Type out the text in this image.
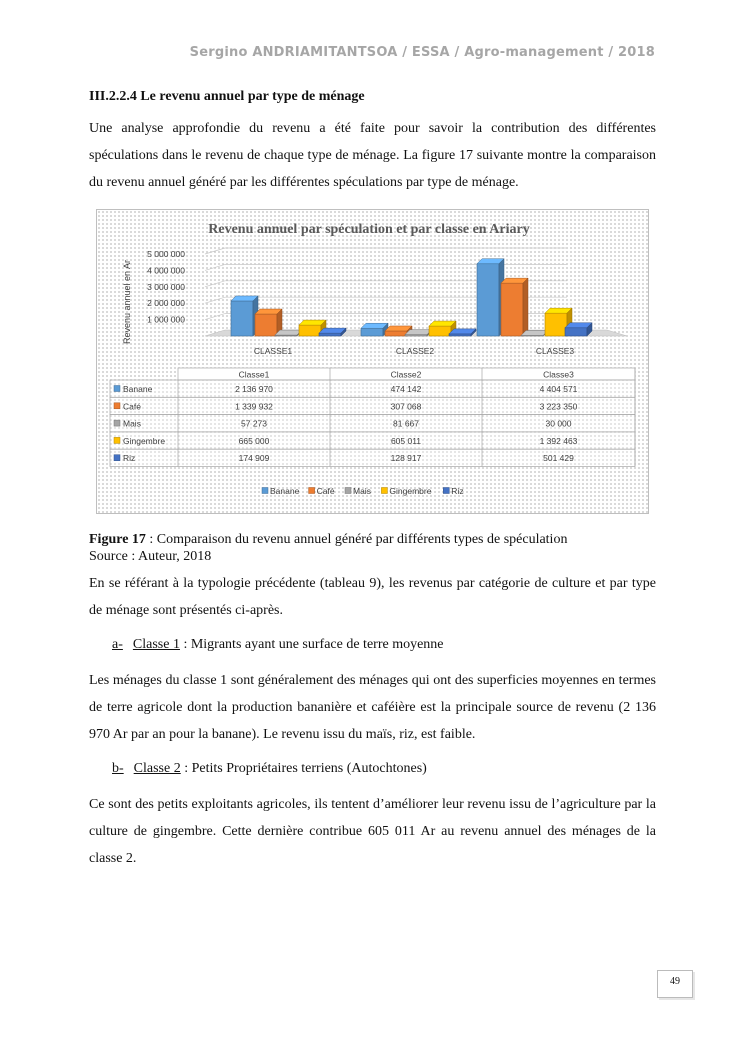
Sergino ANDRIAMITANTSOA / ESSA / Agro-management / 2018
III.2.2.4 Le revenu annuel par type de ménage
Une analyse approfondie du revenu a été faite pour savoir la contribution des différentes spéculations dans le revenu de chaque type de ménage. La figure 17 suivante montre la comparaison du revenu annuel généré par les différentes spéculations par type de ménage.
Revenu annuel par spéculation et par classe en Ariary
Revenu annuel en Ar
5 000 000
4 000 000
3 000 000
2 000 000
1 000 000
CLASSE1	CLASSE2	CLASSE3
Classe1	Classe2	Classe3
Banane	2 136 970	474 142	4 404 571
Café	1 339 932	307 068	3 223 350
Mais	57 273	81 667	30 000
Gingembre	665 000	605 011	1 392 463
Riz	174 909	128 917	501 429
Banane Café Mais Gingembre Riz
Figure 17 : Comparaison du revenu annuel généré par différents types de spéculation
Source : Auteur, 2018
En se référant à la typologie précédente (tableau 9), les revenus par catégorie de culture et par type de ménage sont présentés ci-après.
a- Classe 1 : Migrants ayant une surface de terre moyenne
Les ménages du classe 1 sont généralement des ménages qui ont des superficies moyennes en termes de terre agricole dont la production bananière et caféière est la principale source de revenu (2 136 970 Ar par an pour la banane). Le revenu issu du maïs, riz, est faible.
b- Classe 2 : Petits Propriétaires terriens (Autochtones)
Ce sont des petits exploitants agricoles, ils tentent d’améliorer leur revenu issu de l’agriculture par la culture de gingembre. Cette dernière contribue 605 011 Ar au revenu annuel des ménages de la classe 2.
49
